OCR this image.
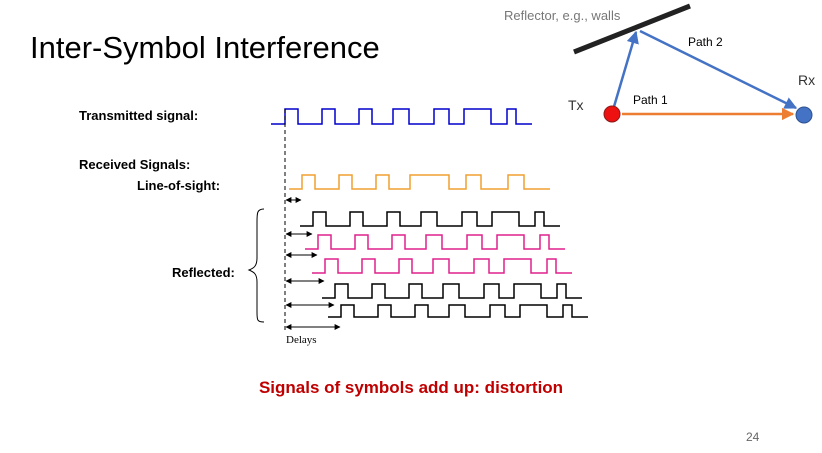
Inter-Symbol Interference
Transmitted signal:
Received Signals:
Line-of-sight:
Reflected:
Delays
Reflector, e.g., walls
Path 2
Path 1
Tx
Rx
Signals of symbols add up: distortion
24
